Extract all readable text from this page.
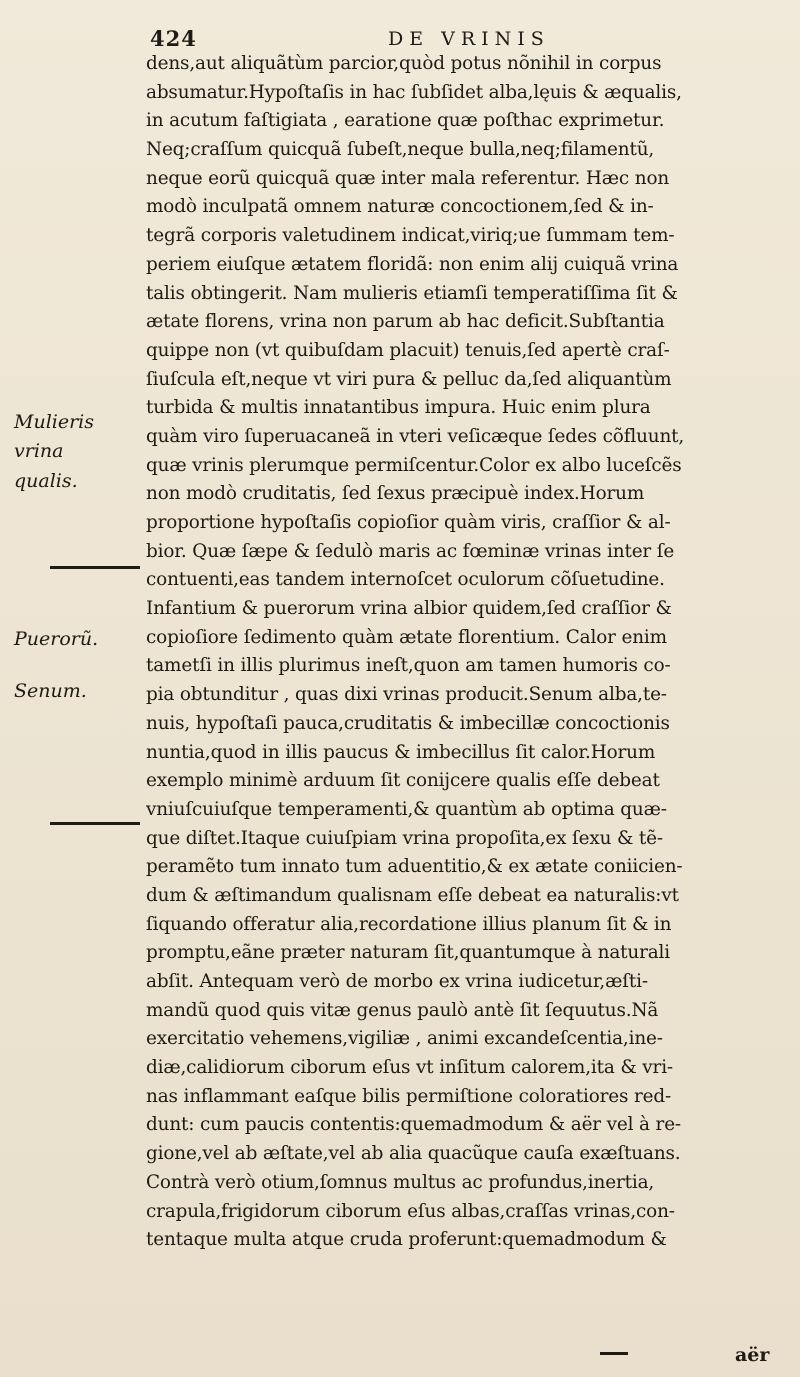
424	DE VRINIS
Mulieris
vrina
qualis.
Puerorũ.
Senum.
dens,aut aliquãtùm parcior,quòd potus nõnihil in corpus
absumatur.Hypoſtaſis in hac ſubſidet alba,lęuis & æqualis,
in acutum faſtigiata , earatione quæ poſthac exprimetur.
Neq;craſſum quicquã ſubeſt,neque bulla,neq;filamentũ,
neque eorũ quicquã quæ inter mala referentur. Hæc non
modò inculpatã omnem naturæ concoctionem,ſed & in-
tegrã corporis valetudinem indicat,viriq;ue ſummam tem-
periem eiuſque ætatem floridã: non enim alij cuiquã vrina
talis obtingerit. Nam mulieris etiamſi temperatiſſima ſit &
ætate florens, vrina non parum ab hac deficit.Subſtantia
quippe non (vt quibuſdam placuit) tenuis,ſed apertè craſ-
ſiuſcula eſt,neque vt viri pura & pelluc da,ſed aliquantùm
turbida & multis innatantibus impura. Huic enim plura
quàm viro ſuperuacaneã in vteri veſicæque ſedes cõfluunt,
quæ vrinis plerumque permiſcentur.Color ex albo luceſcẽs
non modò cruditatis, ſed ſexus præcipuè index.Horum
proportione hypoſtaſis copioſior quàm viris, craſſior & al-
bior. Quæ ſæpe & ſedulò maris ac fœminæ vrinas inter ſe
contuenti,eas tandem internoſcet oculorum cõſuetudine.
Infantium & puerorum vrina albior quidem,ſed craſſior &
copioſiore ſedimento quàm ætate florentium. Calor enim
tametſi in illis plurimus ineſt,quon am tamen humoris co-
pia obtunditur , quas dixi vrinas producit.Senum alba,te-
nuis, hypoſtaſi pauca,cruditatis & imbecillæ concoctionis
nuntia,quod in illis paucus & imbecillus ſit calor.Horum
exemplo minimè arduum ſit conijcere qualis eſſe debeat
vniuſcuiuſque temperamenti,& quantùm ab optima quæ-
que diſtet.Itaque cuiuſpiam vrina propoſita,ex ſexu & tẽ-
peramẽto tum innato tum aduentitio,& ex ætate coniicien-
dum & æſtimandum qualisnam eſſe debeat ea naturalis:vt
ſiquando offeratur alia,recordatione illius planum ſit & in
promptu,eãne præter naturam ſit,quantumque à naturali
abſit. Antequam verò de morbo ex vrina iudicetur,æſti-
mandũ quod quis vitæ genus paulò antè ſit ſequutus.Nã
exercitatio vehemens,vigiliæ , animi excandeſcentia,ine-
diæ,calidiorum ciborum eſus vt inſitum calorem,ita & vri-
nas inflammant eaſque bilis permiſtione coloratiores red-
dunt: cum paucis contentis:quemadmodum & aër vel à re-
gione,vel ab æſtate,vel ab alia quacũque cauſa exæſtuans.
Contrà verò otium,ſomnus multus ac profundus,inertia,
crapula,frigidorum ciborum eſus albas,craſſas vrinas,con-
tentaque multa atque cruda proferunt:quemadmodum &
aër
